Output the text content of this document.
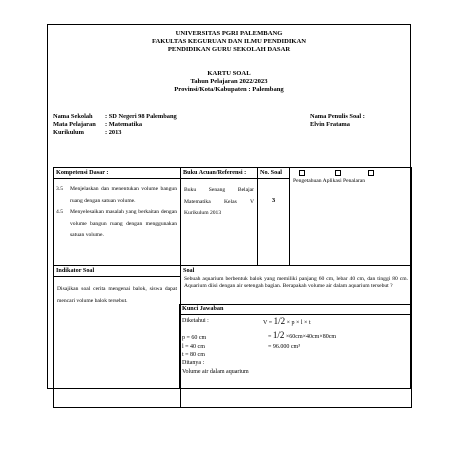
UNIVERSITAS PGRI PALEMBANG
FAKULTAS KEGURUAN DAN ILMU PENDIDIKAN
PENDIDIKAN GURU SEKOLAH DASAR
KARTU SOAL
Tahun Pelajaran 2022/2023
Provinsi/Kota/Kabupaten : Palembang
Nama Sekolah : SD Negeri 98 Palembang
Mata Pelajaran : Matematika
Kurikulum	: 2013
Nama Penulis Soal :
Elvin Fratama
Kompetensi Dasar :
3.5 Menjelaskan dan menentukan volume bangun ruang dengan satuan volume.
4.5 Menyelesaikan masalah yang berkaitan dengan volume bangun ruang dengan menggunakan satuan volume.
Buku Acuan/Referensi :
Buku Senang Belajar Matematika Kelas V Kurikulum 2013
No. Soal
3
Pengetahuan Aplikasi Penalaran
Indikator Soal
Disajikan soal cerita mengenai balok, siswa dapat mencari volume balok tersebut.
Soal
Sebuah aquarium berbentuk balok yang memiliki panjang 60 cm, lebar 40 cm, dan tinggi 80 cm. Aquarium diisi dengan air setengah bagian. Berapakah volume air dalam aquarium tersebut ?
Kunci Jawaban
Diketahui :
p = 60 cm
l = 40 cm
t = 80 cm
Ditanya :
Volume air dalam aquarium
V = 1/2 × p × l × t
= 1/2 ×60cm×40cm×80cm
= 96.000 cm³
